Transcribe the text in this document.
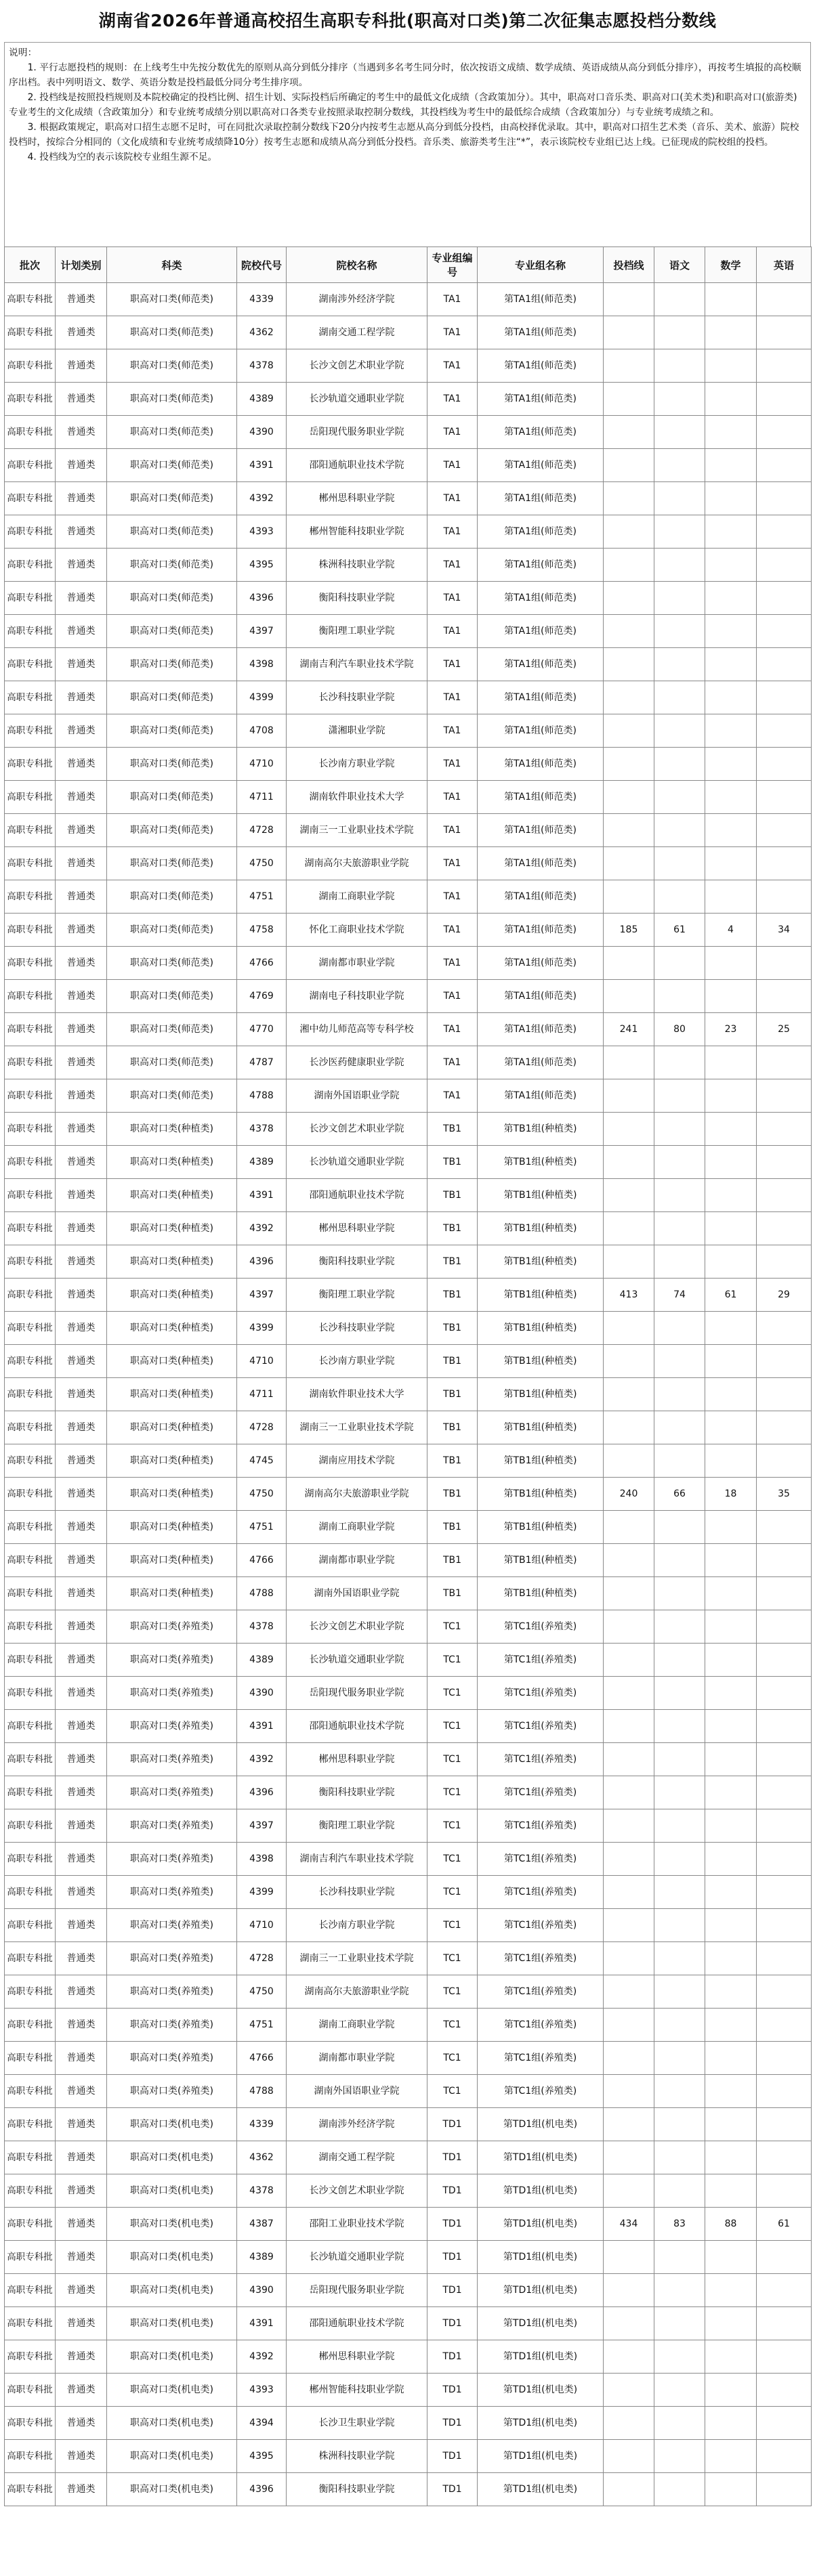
湖南省2026年普通高校招生高职专科批(职高对口类)第二次征集志愿投档分数线

说明：

1. 平行志愿投档的规则：在上线考生中先按分数优先的原则从高分到低分排序（当遇到多名考生同分时，依次按语文成绩、数学成绩、英语成绩从高分到低分排序），再按考生填报的高校顺序出档。表中列明语文、数学、英语分数是投档最低分同分考生排序项。

2. 投档线是按照投档规则及本院校确定的投档比例、招生计划、实际投档后所确定的考生中的最低文化成绩（含政策加分）。其中，职高对口音乐类、职高对口(美术类)和职高对口(旅游类)专业考生的文化成绩（含政策加分）和专业统考成绩分别以职高对口各类专业按照录取控制分数线，其投档线为考生中的最低综合成绩（含政策加分）与专业统考成绩之和。

3. 根据政策规定，职高对口招生志愿不足时，可在同批次录取控制分数线下20分内按考生志愿从高分到低分投档，由高校择优录取。其中，职高对口招生艺术类（音乐、美术、旅游）院校投档时，按综合分相同的（文化成绩和专业统考成绩降10分）按考生志愿和成绩从高分到低分投档。音乐类、旅游类考生注“*”，表示该院校专业组已达上线。已征现成的院校组的投档。

4. 投档线为空的表示该院校专业组生源不足。

批次	计划类别	科类	院校代号	院校名称	专业组编号	专业组名称	投档线	语文	数学	英语
高职专科批	普通类	职高对口类(师范类)	4339	湖南涉外经济学院	TA1	第TA1组(师范类)				
高职专科批	普通类	职高对口类(师范类)	4362	湖南交通工程学院	TA1	第TA1组(师范类)				
高职专科批	普通类	职高对口类(师范类)	4378	长沙文创艺术职业学院	TA1	第TA1组(师范类)				
高职专科批	普通类	职高对口类(师范类)	4389	长沙轨道交通职业学院	TA1	第TA1组(师范类)				
高职专科批	普通类	职高对口类(师范类)	4390	岳阳现代服务职业学院	TA1	第TA1组(师范类)				
高职专科批	普通类	职高对口类(师范类)	4391	邵阳通航职业技术学院	TA1	第TA1组(师范类)				
高职专科批	普通类	职高对口类(师范类)	4392	郴州思科职业学院	TA1	第TA1组(师范类)				
高职专科批	普通类	职高对口类(师范类)	4393	郴州智能科技职业学院	TA1	第TA1组(师范类)				
高职专科批	普通类	职高对口类(师范类)	4395	株洲科技职业学院	TA1	第TA1组(师范类)				
高职专科批	普通类	职高对口类(师范类)	4396	衡阳科技职业学院	TA1	第TA1组(师范类)				
高职专科批	普通类	职高对口类(师范类)	4397	衡阳理工职业学院	TA1	第TA1组(师范类)				
高职专科批	普通类	职高对口类(师范类)	4398	湖南吉利汽车职业技术学院	TA1	第TA1组(师范类)				
高职专科批	普通类	职高对口类(师范类)	4399	长沙科技职业学院	TA1	第TA1组(师范类)				
高职专科批	普通类	职高对口类(师范类)	4708	潇湘职业学院	TA1	第TA1组(师范类)				
高职专科批	普通类	职高对口类(师范类)	4710	长沙南方职业学院	TA1	第TA1组(师范类)				
高职专科批	普通类	职高对口类(师范类)	4711	湖南软件职业技术大学	TA1	第TA1组(师范类)				
高职专科批	普通类	职高对口类(师范类)	4728	湖南三一工业职业技术学院	TA1	第TA1组(师范类)				
高职专科批	普通类	职高对口类(师范类)	4750	湖南高尔夫旅游职业学院	TA1	第TA1组(师范类)				
高职专科批	普通类	职高对口类(师范类)	4751	湖南工商职业学院	TA1	第TA1组(师范类)				
高职专科批	普通类	职高对口类(师范类)	4758	怀化工商职业技术学院	TA1	第TA1组(师范类)	185	61	4	34
高职专科批	普通类	职高对口类(师范类)	4766	湖南都市职业学院	TA1	第TA1组(师范类)				
高职专科批	普通类	职高对口类(师范类)	4769	湖南电子科技职业学院	TA1	第TA1组(师范类)				
高职专科批	普通类	职高对口类(师范类)	4770	湘中幼儿师范高等专科学校	TA1	第TA1组(师范类)	241	80	23	25
高职专科批	普通类	职高对口类(师范类)	4787	长沙医药健康职业学院	TA1	第TA1组(师范类)				
高职专科批	普通类	职高对口类(师范类)	4788	湖南外国语职业学院	TA1	第TA1组(师范类)				
高职专科批	普通类	职高对口类(种植类)	4378	长沙文创艺术职业学院	TB1	第TB1组(种植类)				
高职专科批	普通类	职高对口类(种植类)	4389	长沙轨道交通职业学院	TB1	第TB1组(种植类)				
高职专科批	普通类	职高对口类(种植类)	4391	邵阳通航职业技术学院	TB1	第TB1组(种植类)				
高职专科批	普通类	职高对口类(种植类)	4392	郴州思科职业学院	TB1	第TB1组(种植类)				
高职专科批	普通类	职高对口类(种植类)	4396	衡阳科技职业学院	TB1	第TB1组(种植类)				
高职专科批	普通类	职高对口类(种植类)	4397	衡阳理工职业学院	TB1	第TB1组(种植类)	413	74	61	29
高职专科批	普通类	职高对口类(种植类)	4399	长沙科技职业学院	TB1	第TB1组(种植类)				
高职专科批	普通类	职高对口类(种植类)	4710	长沙南方职业学院	TB1	第TB1组(种植类)				
高职专科批	普通类	职高对口类(种植类)	4711	湖南软件职业技术大学	TB1	第TB1组(种植类)				
高职专科批	普通类	职高对口类(种植类)	4728	湖南三一工业职业技术学院	TB1	第TB1组(种植类)				
高职专科批	普通类	职高对口类(种植类)	4745	湖南应用技术学院	TB1	第TB1组(种植类)				
高职专科批	普通类	职高对口类(种植类)	4750	湖南高尔夫旅游职业学院	TB1	第TB1组(种植类)	240	66	18	35
高职专科批	普通类	职高对口类(种植类)	4751	湖南工商职业学院	TB1	第TB1组(种植类)				
高职专科批	普通类	职高对口类(种植类)	4766	湖南都市职业学院	TB1	第TB1组(种植类)				
高职专科批	普通类	职高对口类(种植类)	4788	湖南外国语职业学院	TB1	第TB1组(种植类)				
高职专科批	普通类	职高对口类(养殖类)	4378	长沙文创艺术职业学院	TC1	第TC1组(养殖类)				
高职专科批	普通类	职高对口类(养殖类)	4389	长沙轨道交通职业学院	TC1	第TC1组(养殖类)				
高职专科批	普通类	职高对口类(养殖类)	4390	岳阳现代服务职业学院	TC1	第TC1组(养殖类)				
高职专科批	普通类	职高对口类(养殖类)	4391	邵阳通航职业技术学院	TC1	第TC1组(养殖类)				
高职专科批	普通类	职高对口类(养殖类)	4392	郴州思科职业学院	TC1	第TC1组(养殖类)				
高职专科批	普通类	职高对口类(养殖类)	4396	衡阳科技职业学院	TC1	第TC1组(养殖类)				
高职专科批	普通类	职高对口类(养殖类)	4397	衡阳理工职业学院	TC1	第TC1组(养殖类)				
高职专科批	普通类	职高对口类(养殖类)	4398	湖南吉利汽车职业技术学院	TC1	第TC1组(养殖类)				
高职专科批	普通类	职高对口类(养殖类)	4399	长沙科技职业学院	TC1	第TC1组(养殖类)				
高职专科批	普通类	职高对口类(养殖类)	4710	长沙南方职业学院	TC1	第TC1组(养殖类)				
高职专科批	普通类	职高对口类(养殖类)	4728	湖南三一工业职业技术学院	TC1	第TC1组(养殖类)				
高职专科批	普通类	职高对口类(养殖类)	4750	湖南高尔夫旅游职业学院	TC1	第TC1组(养殖类)				
高职专科批	普通类	职高对口类(养殖类)	4751	湖南工商职业学院	TC1	第TC1组(养殖类)				
高职专科批	普通类	职高对口类(养殖类)	4766	湖南都市职业学院	TC1	第TC1组(养殖类)				
高职专科批	普通类	职高对口类(养殖类)	4788	湖南外国语职业学院	TC1	第TC1组(养殖类)				
高职专科批	普通类	职高对口类(机电类)	4339	湖南涉外经济学院	TD1	第TD1组(机电类)				
高职专科批	普通类	职高对口类(机电类)	4362	湖南交通工程学院	TD1	第TD1组(机电类)				
高职专科批	普通类	职高对口类(机电类)	4378	长沙文创艺术职业学院	TD1	第TD1组(机电类)				
高职专科批	普通类	职高对口类(机电类)	4387	邵阳工业职业技术学院	TD1	第TD1组(机电类)	434	83	88	61
高职专科批	普通类	职高对口类(机电类)	4389	长沙轨道交通职业学院	TD1	第TD1组(机电类)				
高职专科批	普通类	职高对口类(机电类)	4390	岳阳现代服务职业学院	TD1	第TD1组(机电类)				
高职专科批	普通类	职高对口类(机电类)	4391	邵阳通航职业技术学院	TD1	第TD1组(机电类)				
高职专科批	普通类	职高对口类(机电类)	4392	郴州思科职业学院	TD1	第TD1组(机电类)				
高职专科批	普通类	职高对口类(机电类)	4393	郴州智能科技职业学院	TD1	第TD1组(机电类)				
高职专科批	普通类	职高对口类(机电类)	4394	长沙卫生职业学院	TD1	第TD1组(机电类)				
高职专科批	普通类	职高对口类(机电类)	4395	株洲科技职业学院	TD1	第TD1组(机电类)				
高职专科批	普通类	职高对口类(机电类)	4396	衡阳科技职业学院	TD1	第TD1组(机电类)				
